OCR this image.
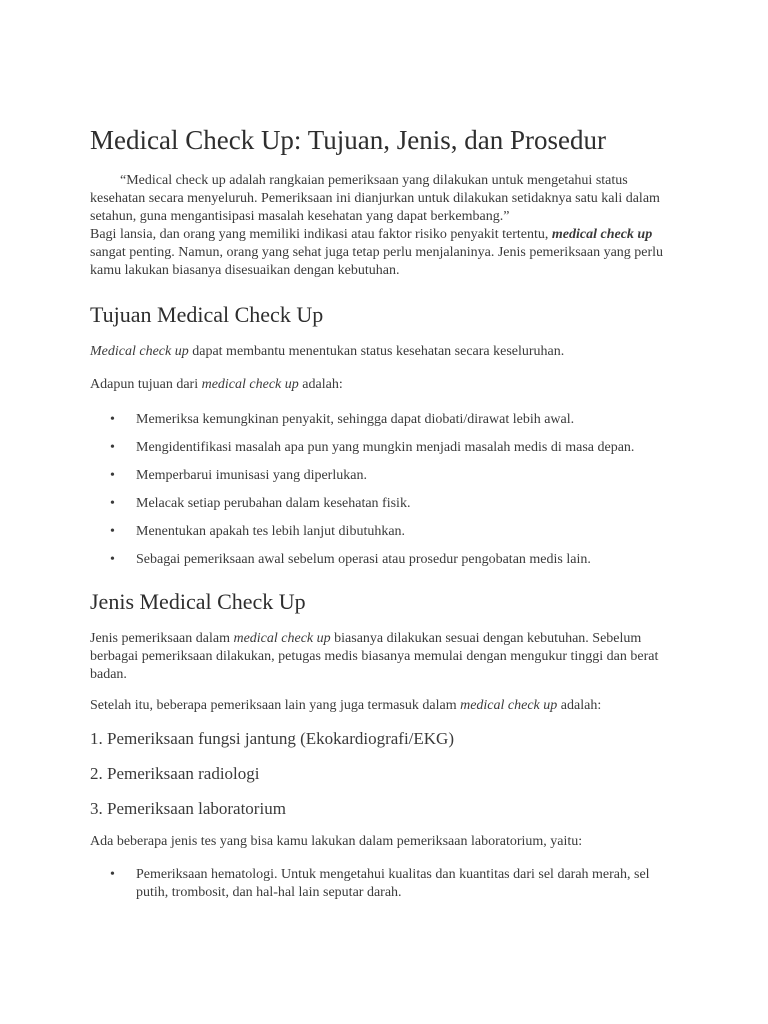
Medical Check Up: Tujuan, Jenis, dan Prosedur

“Medical check up adalah rangkaian pemeriksaan yang dilakukan untuk mengetahui status kesehatan secara menyeluruh. Pemeriksaan ini dianjurkan untuk dilakukan setidaknya satu kali dalam setahun, guna mengantisipasi masalah kesehatan yang dapat berkembang.”

Bagi lansia, dan orang yang memiliki indikasi atau faktor risiko penyakit tertentu, medical check up sangat penting. Namun, orang yang sehat juga tetap perlu menjalaninya. Jenis pemeriksaan yang perlu kamu lakukan biasanya disesuaikan dengan kebutuhan.

Tujuan Medical Check Up

Medical check up dapat membantu menentukan status kesehatan secara keseluruhan.

Adapun tujuan dari medical check up adalah:

• Memeriksa kemungkinan penyakit, sehingga dapat diobati/dirawat lebih awal.
• Mengidentifikasi masalah apa pun yang mungkin menjadi masalah medis di masa depan.
• Memperbarui imunisasi yang diperlukan.
• Melacak setiap perubahan dalam kesehatan fisik.
• Menentukan apakah tes lebih lanjut dibutuhkan.
• Sebagai pemeriksaan awal sebelum operasi atau prosedur pengobatan medis lain.
Jenis Medical Check Up

Jenis pemeriksaan dalam medical check up biasanya dilakukan sesuai dengan kebutuhan. Sebelum berbagai pemeriksaan dilakukan, petugas medis biasanya memulai dengan mengukur tinggi dan berat badan.

Setelah itu, beberapa pemeriksaan lain yang juga termasuk dalam medical check up adalah:

1. Pemeriksaan fungsi jantung (Ekokardiografi/EKG)

2. Pemeriksaan radiologi

3. Pemeriksaan laboratorium

Ada beberapa jenis tes yang bisa kamu lakukan dalam pemeriksaan laboratorium, yaitu:

• Pemeriksaan hematologi. Untuk mengetahui kualitas dan kuantitas dari sel darah merah, sel putih, trombosit, dan hal-hal lain seputar darah.
